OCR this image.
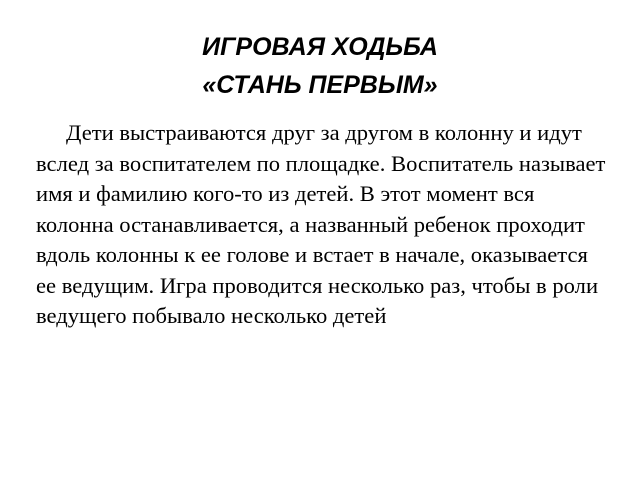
ИГРОВАЯ ХОДЬБА
«СТАНЬ ПЕРВЫМ»

Дети выстраиваются друг за другом в колонну и идут вслед за воспитателем по площадке. Воспитатель называет имя и фамилию кого-то из детей. В этот момент вся колонна останавливается, а названный ребенок проходит вдоль колонны к ее голове и встает в начале, оказывается ее ведущим. Игра проводится несколько раз, чтобы в роли ведущего побывало несколько детей
